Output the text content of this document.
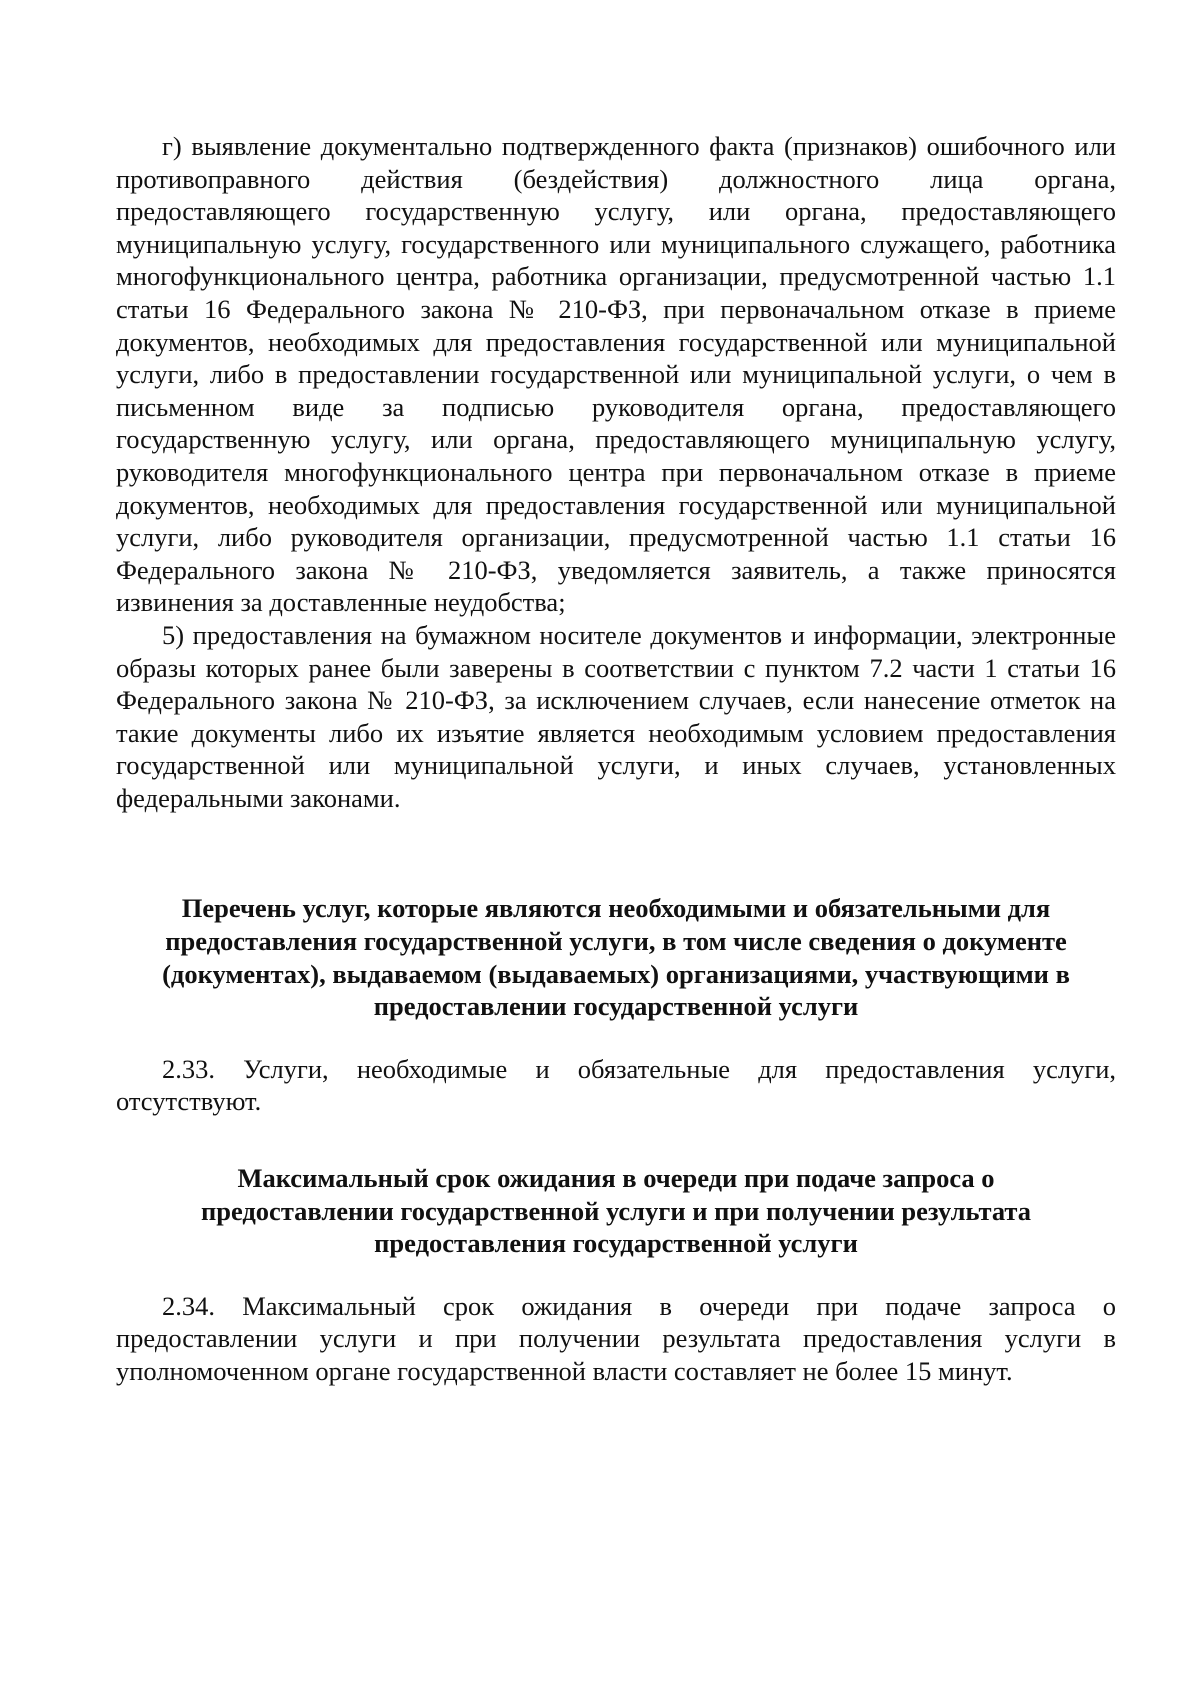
г) выявление документально подтвержденного факта (признаков) ошибочного или противоправного действия (бездействия) должностного лица органа, предоставляющего государственную услугу, или органа, предоставляющего муниципальную услугу, государственного или муниципального служащего, работника многофункционального центра, работника организации, предусмотренной частью 1.1 статьи 16 Федерального закона № 210-ФЗ, при первоначальном отказе в приеме документов, необходимых для предоставления государственной или муниципальной услуги, либо в предоставлении государственной или муниципальной услуги, о чем в письменном виде за подписью руководителя органа, предоставляющего государственную услугу, или органа, предоставляющего муниципальную услугу, руководителя многофункционального центра при первоначальном отказе в приеме документов, необходимых для предоставления государственной или муниципальной услуги, либо руководителя организации, предусмотренной частью 1.1 статьи 16 Федерального закона № 210-ФЗ, уведомляется заявитель, а также приносятся извинения за доставленные неудобства;

5) предоставления на бумажном носителе документов и информации, электронные образы которых ранее были заверены в соответствии с пунктом 7.2 части 1 статьи 16 Федерального закона № 210-ФЗ, за исключением случаев, если нанесение отметок на такие документы либо их изъятие является необходимым условием предоставления государственной или муниципальной услуги, и иных случаев, установленных федеральными законами.

Перечень услуг, которые являются необходимыми и обязательными для предоставления государственной услуги, в том числе сведения о документе (документах), выдаваемом (выдаваемых) организациями, участвующими в предоставлении государственной услуги

2.33. Услуги, необходимые и обязательные для предоставления услуги, отсутствуют.

Максимальный срок ожидания в очереди при подаче запроса о предоставлении государственной услуги и при получении результата предоставления государственной услуги

2.34. Максимальный срок ожидания в очереди при подаче запроса о предоставлении услуги и при получении результата предоставления услуги в уполномоченном органе государственной власти составляет не более 15 минут.
